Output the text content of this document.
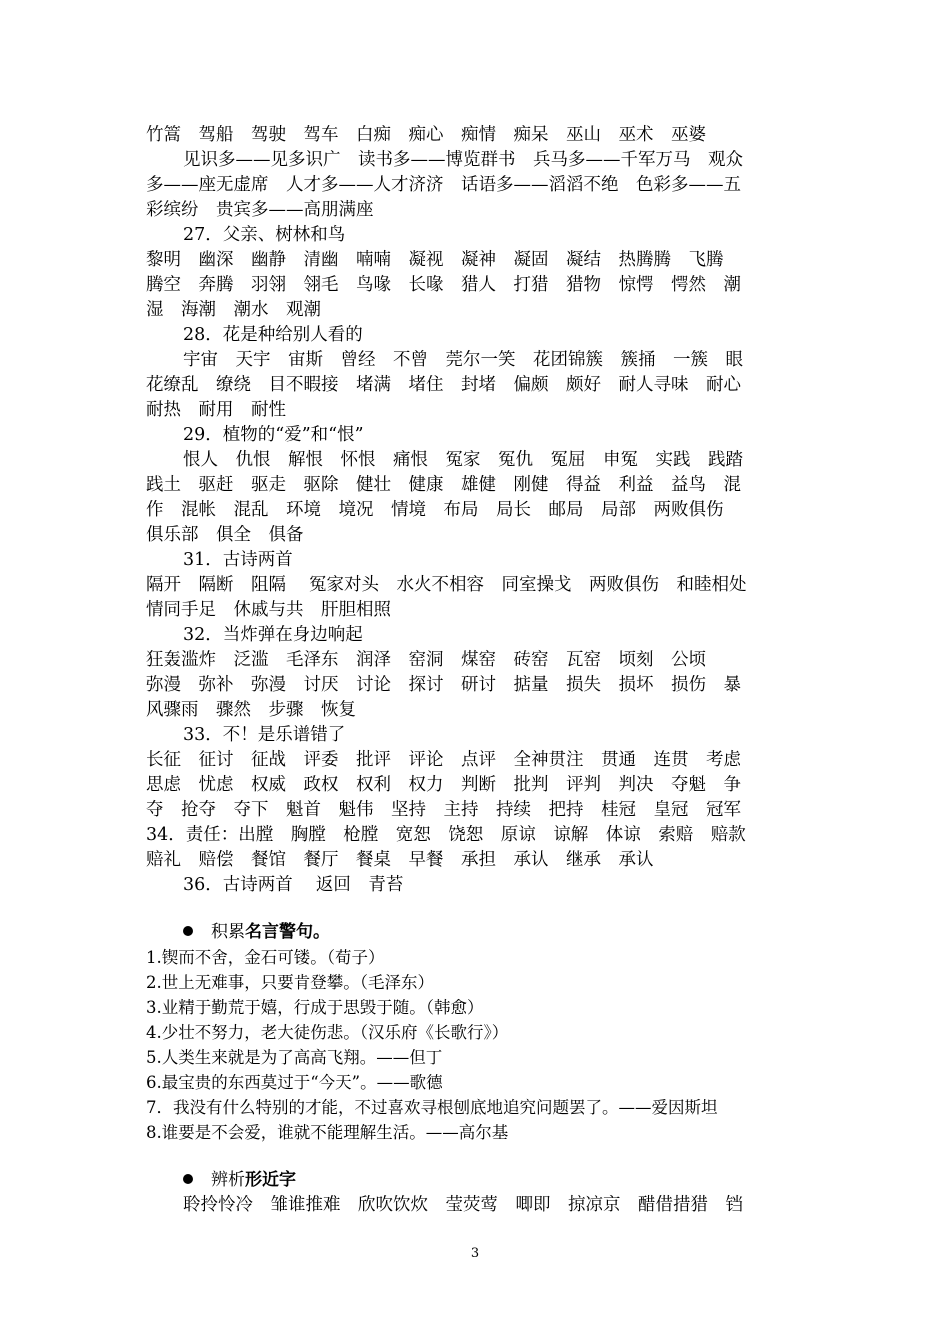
竹篙　驾船　驾驶　驾车　白痴　痴心　痴情　痴呆　巫山　巫术　巫婆
见识多——见多识广　读书多——博览群书　兵马多——千军万马　观众
多——座无虚席　人才多——人才济济　话语多——滔滔不绝　色彩多——五
彩缤纷　贵宾多——高朋满座
27．父亲、树林和鸟
黎明　幽深　幽静　清幽　喃喃　凝视　凝神　凝固　凝结　热腾腾　飞腾
腾空　奔腾　羽翎　翎毛　鸟喙　长喙　猎人　打猎　猎物　惊愕　愕然　潮
湿　海潮　潮水　观潮
28．花是种给别人看的
宇宙　天宇　宙斯　曾经　不曾　莞尔一笑　花团锦簇　簇捅　一簇　眼
花缭乱　缭绕　目不暇接　堵满　堵住　封堵　偏颇　颇好　耐人寻味　耐心
耐热　耐用　耐性
29．植物的“爱”和“恨”
恨人　仇恨　解恨　怀恨　痛恨　冤家　冤仇　冤屈　申冤　实践　践踏
践土　驱赶　驱走　驱除　健壮　健康　雄健　刚健　得益　利益　益鸟　混
作　混帐　混乱　环境　境况　情境　布局　局长　邮局　局部　两败俱伤
俱乐部　俱全　俱备
31．古诗两首
隔开　隔断　阻隔　 冤家对头　水火不相容　同室操戈　两败俱伤　和睦相处
情同手足　休戚与共　肝胆相照
32．当炸弹在身边响起
狂轰滥炸　泛滥　毛泽东　润泽　窑洞　煤窑　砖窑　瓦窑　顷刻　公顷
弥漫　弥补　弥漫　讨厌　讨论　探讨　研讨　掂量　损失　损坏　损伤　暴
风骤雨　骤然　步骤　恢复
33．不！是乐谱错了
长征　征讨　征战　评委　批评　评论　点评　全神贯注　贯通　连贯　考虑
思虑　忧虑　权威　政权　权利　权力　判断　批判　评判　判决　夺魁　争
夺　抢夺　夺下　魁首　魁伟　坚持　主持　持续　把持　桂冠　皇冠　冠军
34．责任：出膛　胸膛　枪膛　宽恕　饶恕　原谅　谅解　体谅　索赔　赔款
赔礼　赔偿　餐馆　餐厅　餐桌　早餐　承担　承认　继承　承认
36．古诗两首　 返回　青苔
积累名言警句。
1.锲而不舍，金石可镂。（荀子）
2.世上无难事，只要肯登攀。（毛泽东）
3.业精于勤荒于嬉，行成于思毁于随。（韩愈）
4.少壮不努力，老大徒伤悲。（汉乐府《长歌行》）
5.人类生来就是为了高高飞翔。——但丁
6.最宝贵的东西莫过于“今天”。——歌德
7．我没有什么特别的才能，不过喜欢寻根刨底地追究问题罢了。——爱因斯坦
8.谁要是不会爱，谁就不能理解生活。——高尔基
辨析形近字
聆拎怜冷　雏谁推难　欣吹饮炊　莹荧莺　唧即　掠凉京　醋借措猎　铛
3
